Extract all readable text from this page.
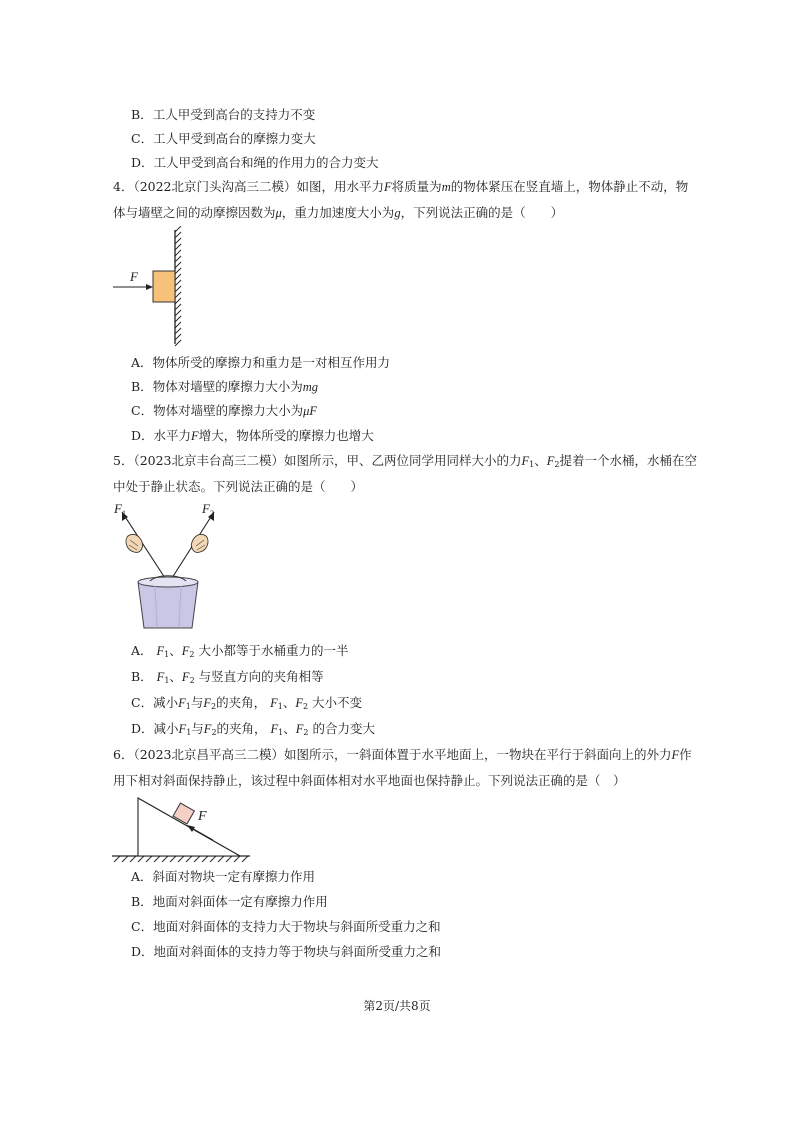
B．工人甲受到高台的支持力不变
C．工人甲受到高台的摩擦力变大
D．工人甲受到高台和绳的作用力的合力变大
4．（2022北京门头沟高三二模）如图，用水平力F将质量为m的物体紧压在竖直墙上，物体静止不动，物
体与墙壁之间的动摩擦因数为μ，重力加速度大小为g，下列说法正确的是（　　）
F
A．物体所受的摩擦力和重力是一对相互作用力
B．物体对墙壁的摩擦力大小为mg
C．物体对墙壁的摩擦力大小为μF
D．水平力F增大，物体所受的摩擦力也增大
5．（2023北京丰台高三二模）如图所示，甲、乙两位同学用同样大小的力$F_1$、$F_2$提着一个水桶，水桶在空
中处于静止状态。下列说法正确的是（　　）
$F_1$	$F_2$
A． $F_1$、$F_2$ 大小都等于水桶重力的一半
B． $F_1$、$F_2$ 与竖直方向的夹角相等
C．减小$F_1$与$F_2$的夹角， $F_1$、$F_2$ 大小不变
D．减小$F_1$与$F_2$的夹角， $F_1$、$F_2$ 的合力变大
6．（2023北京昌平高三二模）如图所示，一斜面体置于水平地面上，一物块在平行于斜面向上的外力F作
用下相对斜面保持静止，该过程中斜面体相对水平地面也保持静止。下列说法正确的是（　）
F
A．斜面对物块一定有摩擦力作用
B．地面对斜面体一定有摩擦力作用
C．地面对斜面体的支持力大于物块与斜面所受重力之和
D．地面对斜面体的支持力等于物块与斜面所受重力之和
第2页/共8页
